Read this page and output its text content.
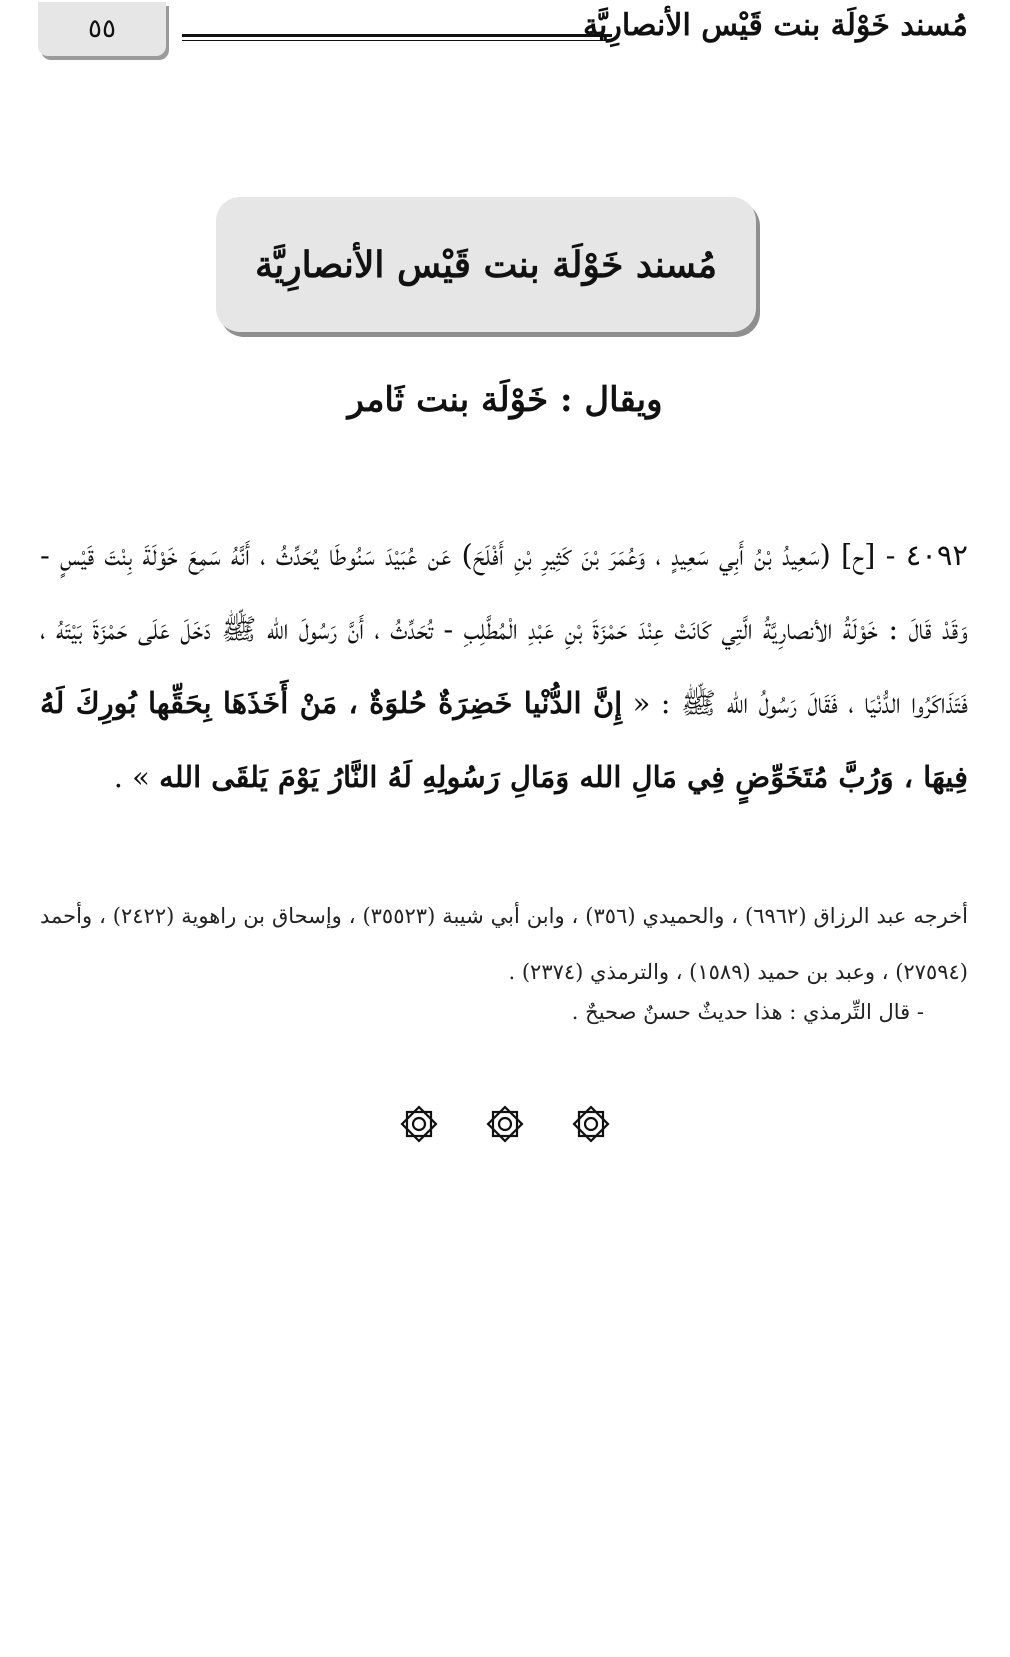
٥٥	مُسند خَوْلَة بنت قَيْس الأنصارِيَّة
مُسند خَوْلَة بنت قَيْس الأنصارِيَّة
ويقال : خَوْلَة بنت ثَامر
٤٠٩٢ - [ح] (سَعِيدُ بْنُ أَبِي سَعِيدٍ ، وَعُمَرَ بْنَ كَثِيرِ بْنِ أَفْلَحَ) عَن عُبَيْدَ سَنُوطَا يُحَدِّثُ ، أَنَّهُ سَمِعَ خَوْلَةَ بِنْتَ قَيْسٍ - وَقَدْ قَالَ : خَوْلَةُ الأنصارِيَّةُ الَّتِي كَانَتْ عِنْدَ حَمْزَةَ بْنِ عَبْدِ الْمُطَّلِبِ - تُحَدِّثُ ، أَنَّ رَسُولَ الله ﷺ دَخَلَ عَلَى حَمْزَةَ بَيْتَهُ ، فَتَذَاكَرُوا الدُّنْيَا ، فَقَالَ رَسُولُ الله ﷺ : « إِنَّ الدُّنْيا خَضِرَةٌ حُلوَةٌ ، مَنْ أَخَذَهَا بِحَقِّها بُورِكَ لَهُ فِيهَا ، وَرُبَّ مُتَخَوِّضٍ فِي مَالِ الله وَمَالِ رَسُولِهِ لَهُ النَّارُ يَوْمَ يَلقَى الله » .
أخرجه عبد الرزاق (٦٩٦٢) ، والحميدي (٣٥٦) ، وابن أبي شيبة (٣٥٥٢٣) ، وإسحاق بن راهوية (٢٤٢٢) ، وأحمد (٢٧٥٩٤) ، وعبد بن حميد (١٥٨٩) ، والترمذي (٢٣٧٤) .
- قال التِّرمذي : هذا حديثٌ حسنٌ صحيحٌ .
